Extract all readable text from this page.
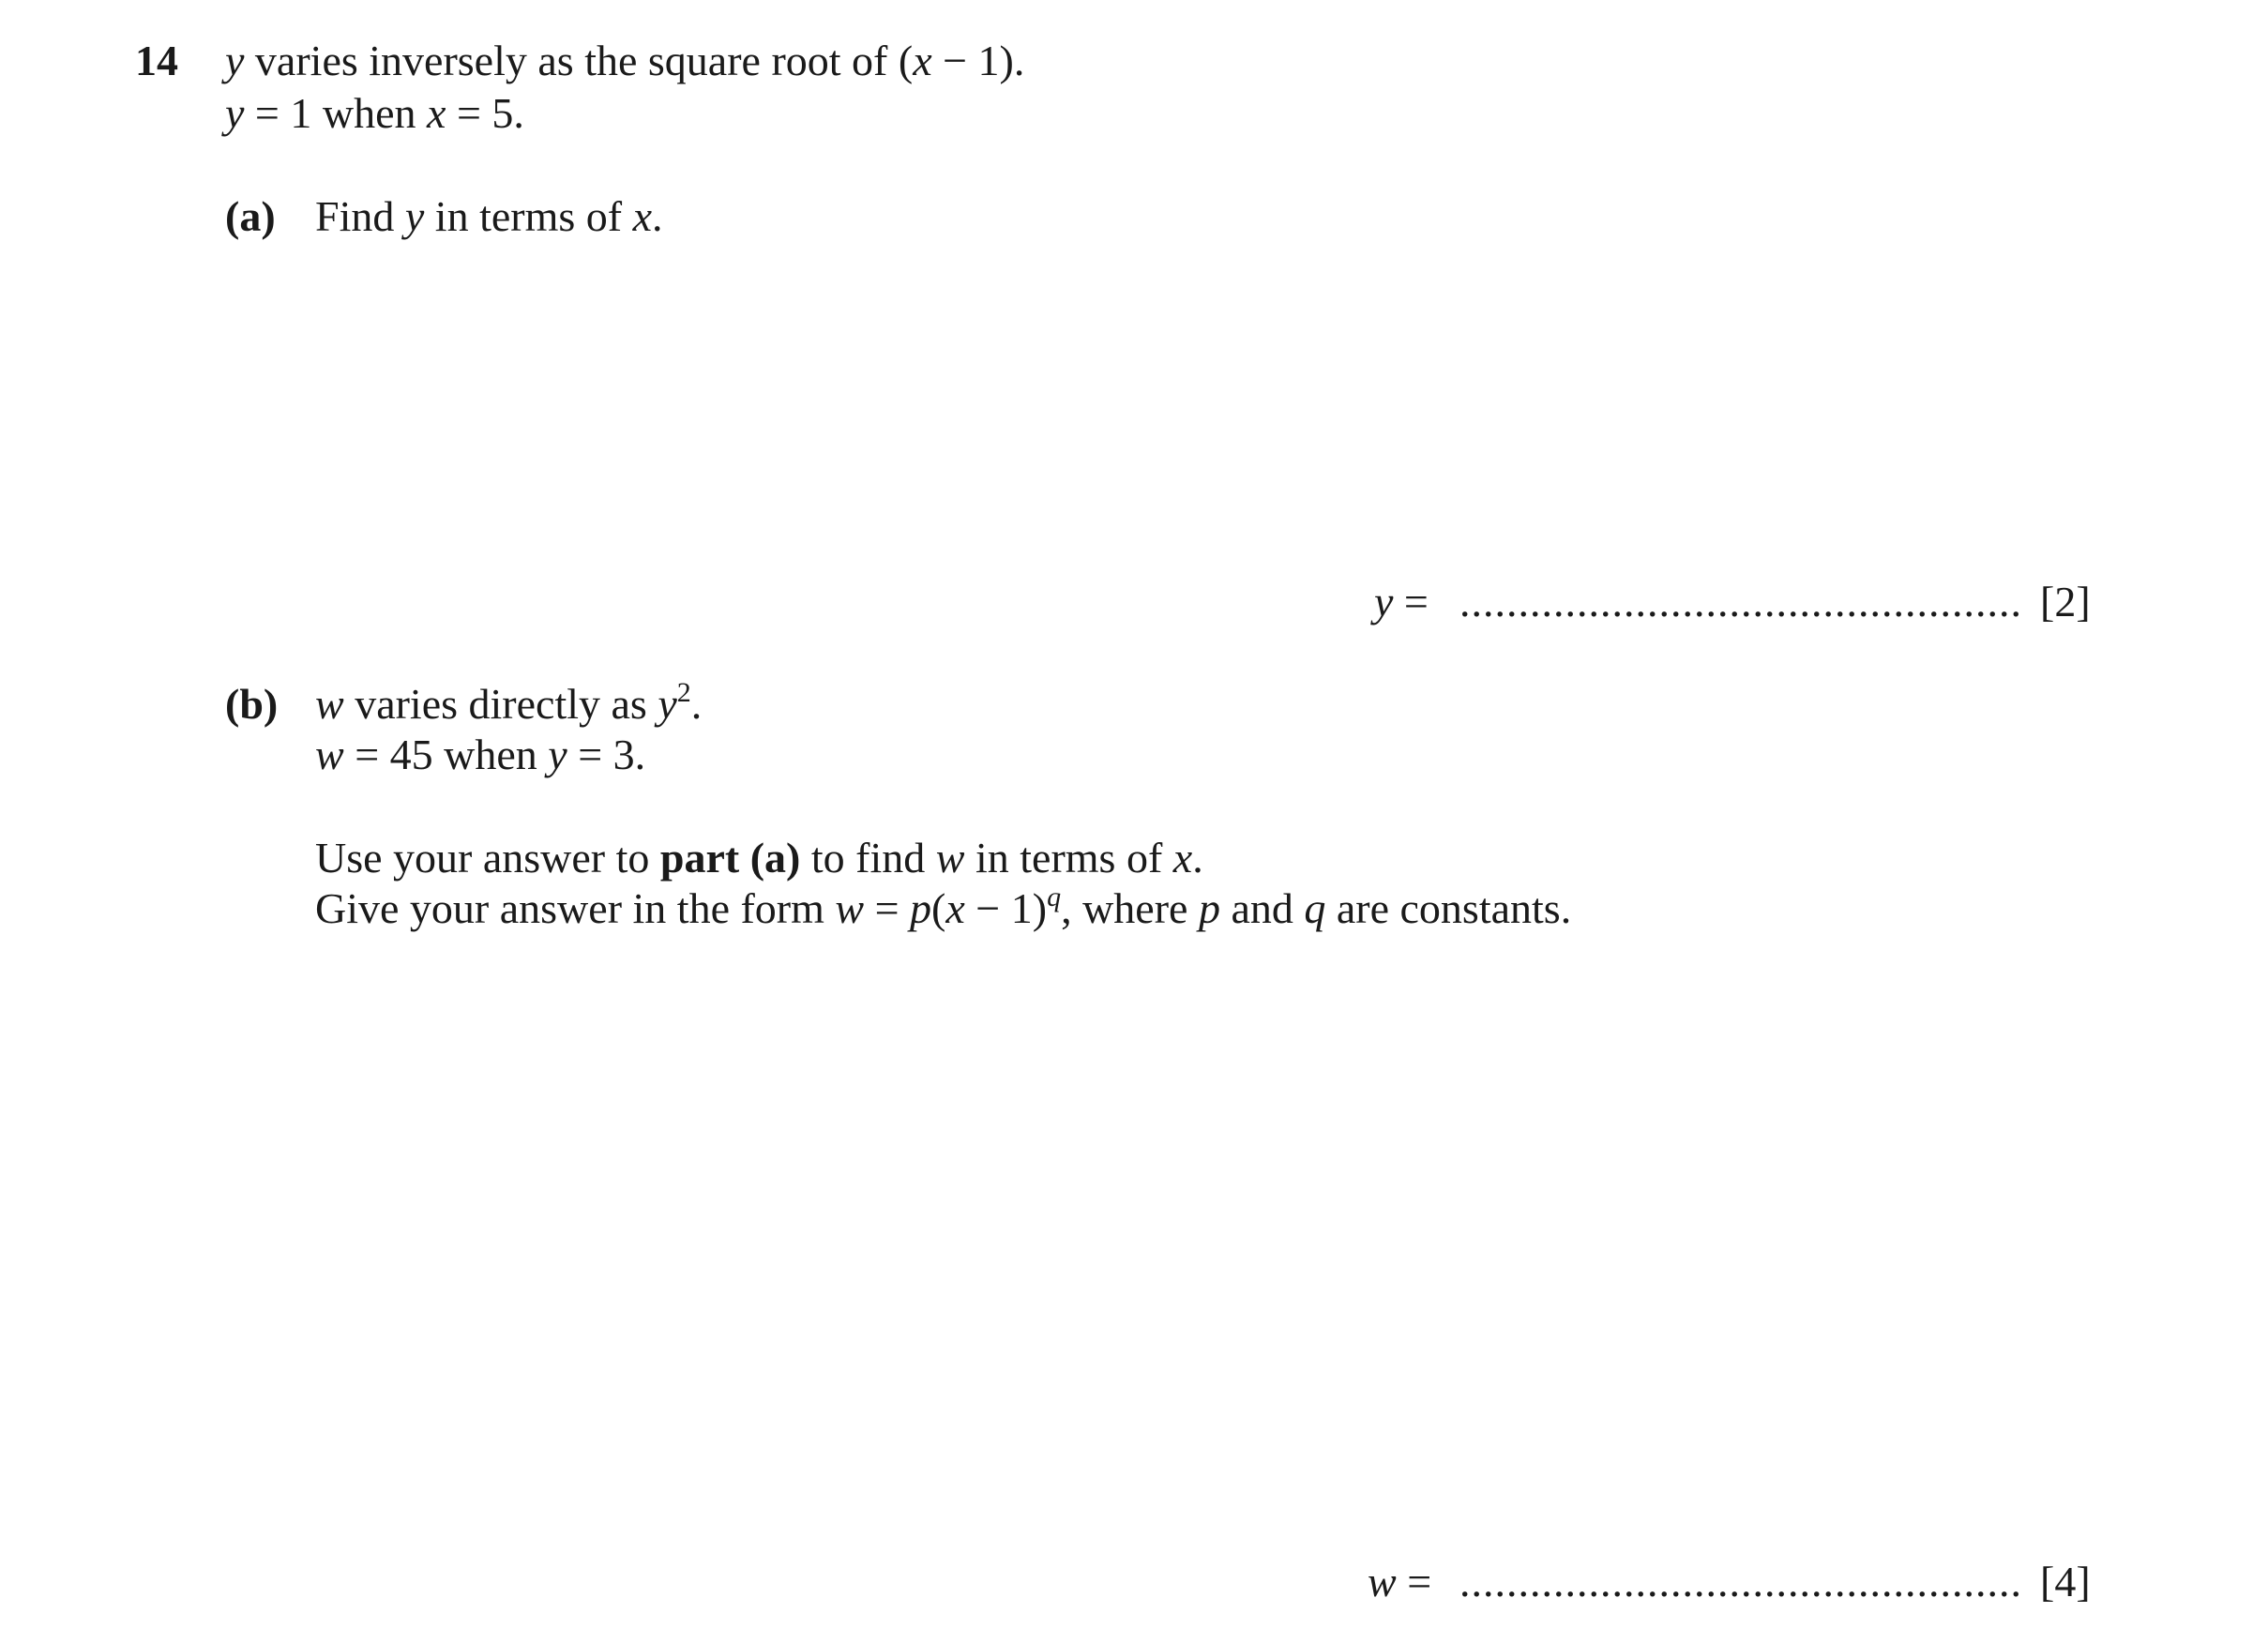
14 y varies inversely as the square root of (x − 1).
y = 1 when x = 5.
(a) Find y in terms of x.
y = ................................................ [2]
(b) w varies directly as $y^2$.
w = 45 when y = 3.
Use your answer to part (a) to find w in terms of x.
Give your answer in the form $w = p(x - 1)^q$, where p and q are constants.
w = ................................................ [4]
